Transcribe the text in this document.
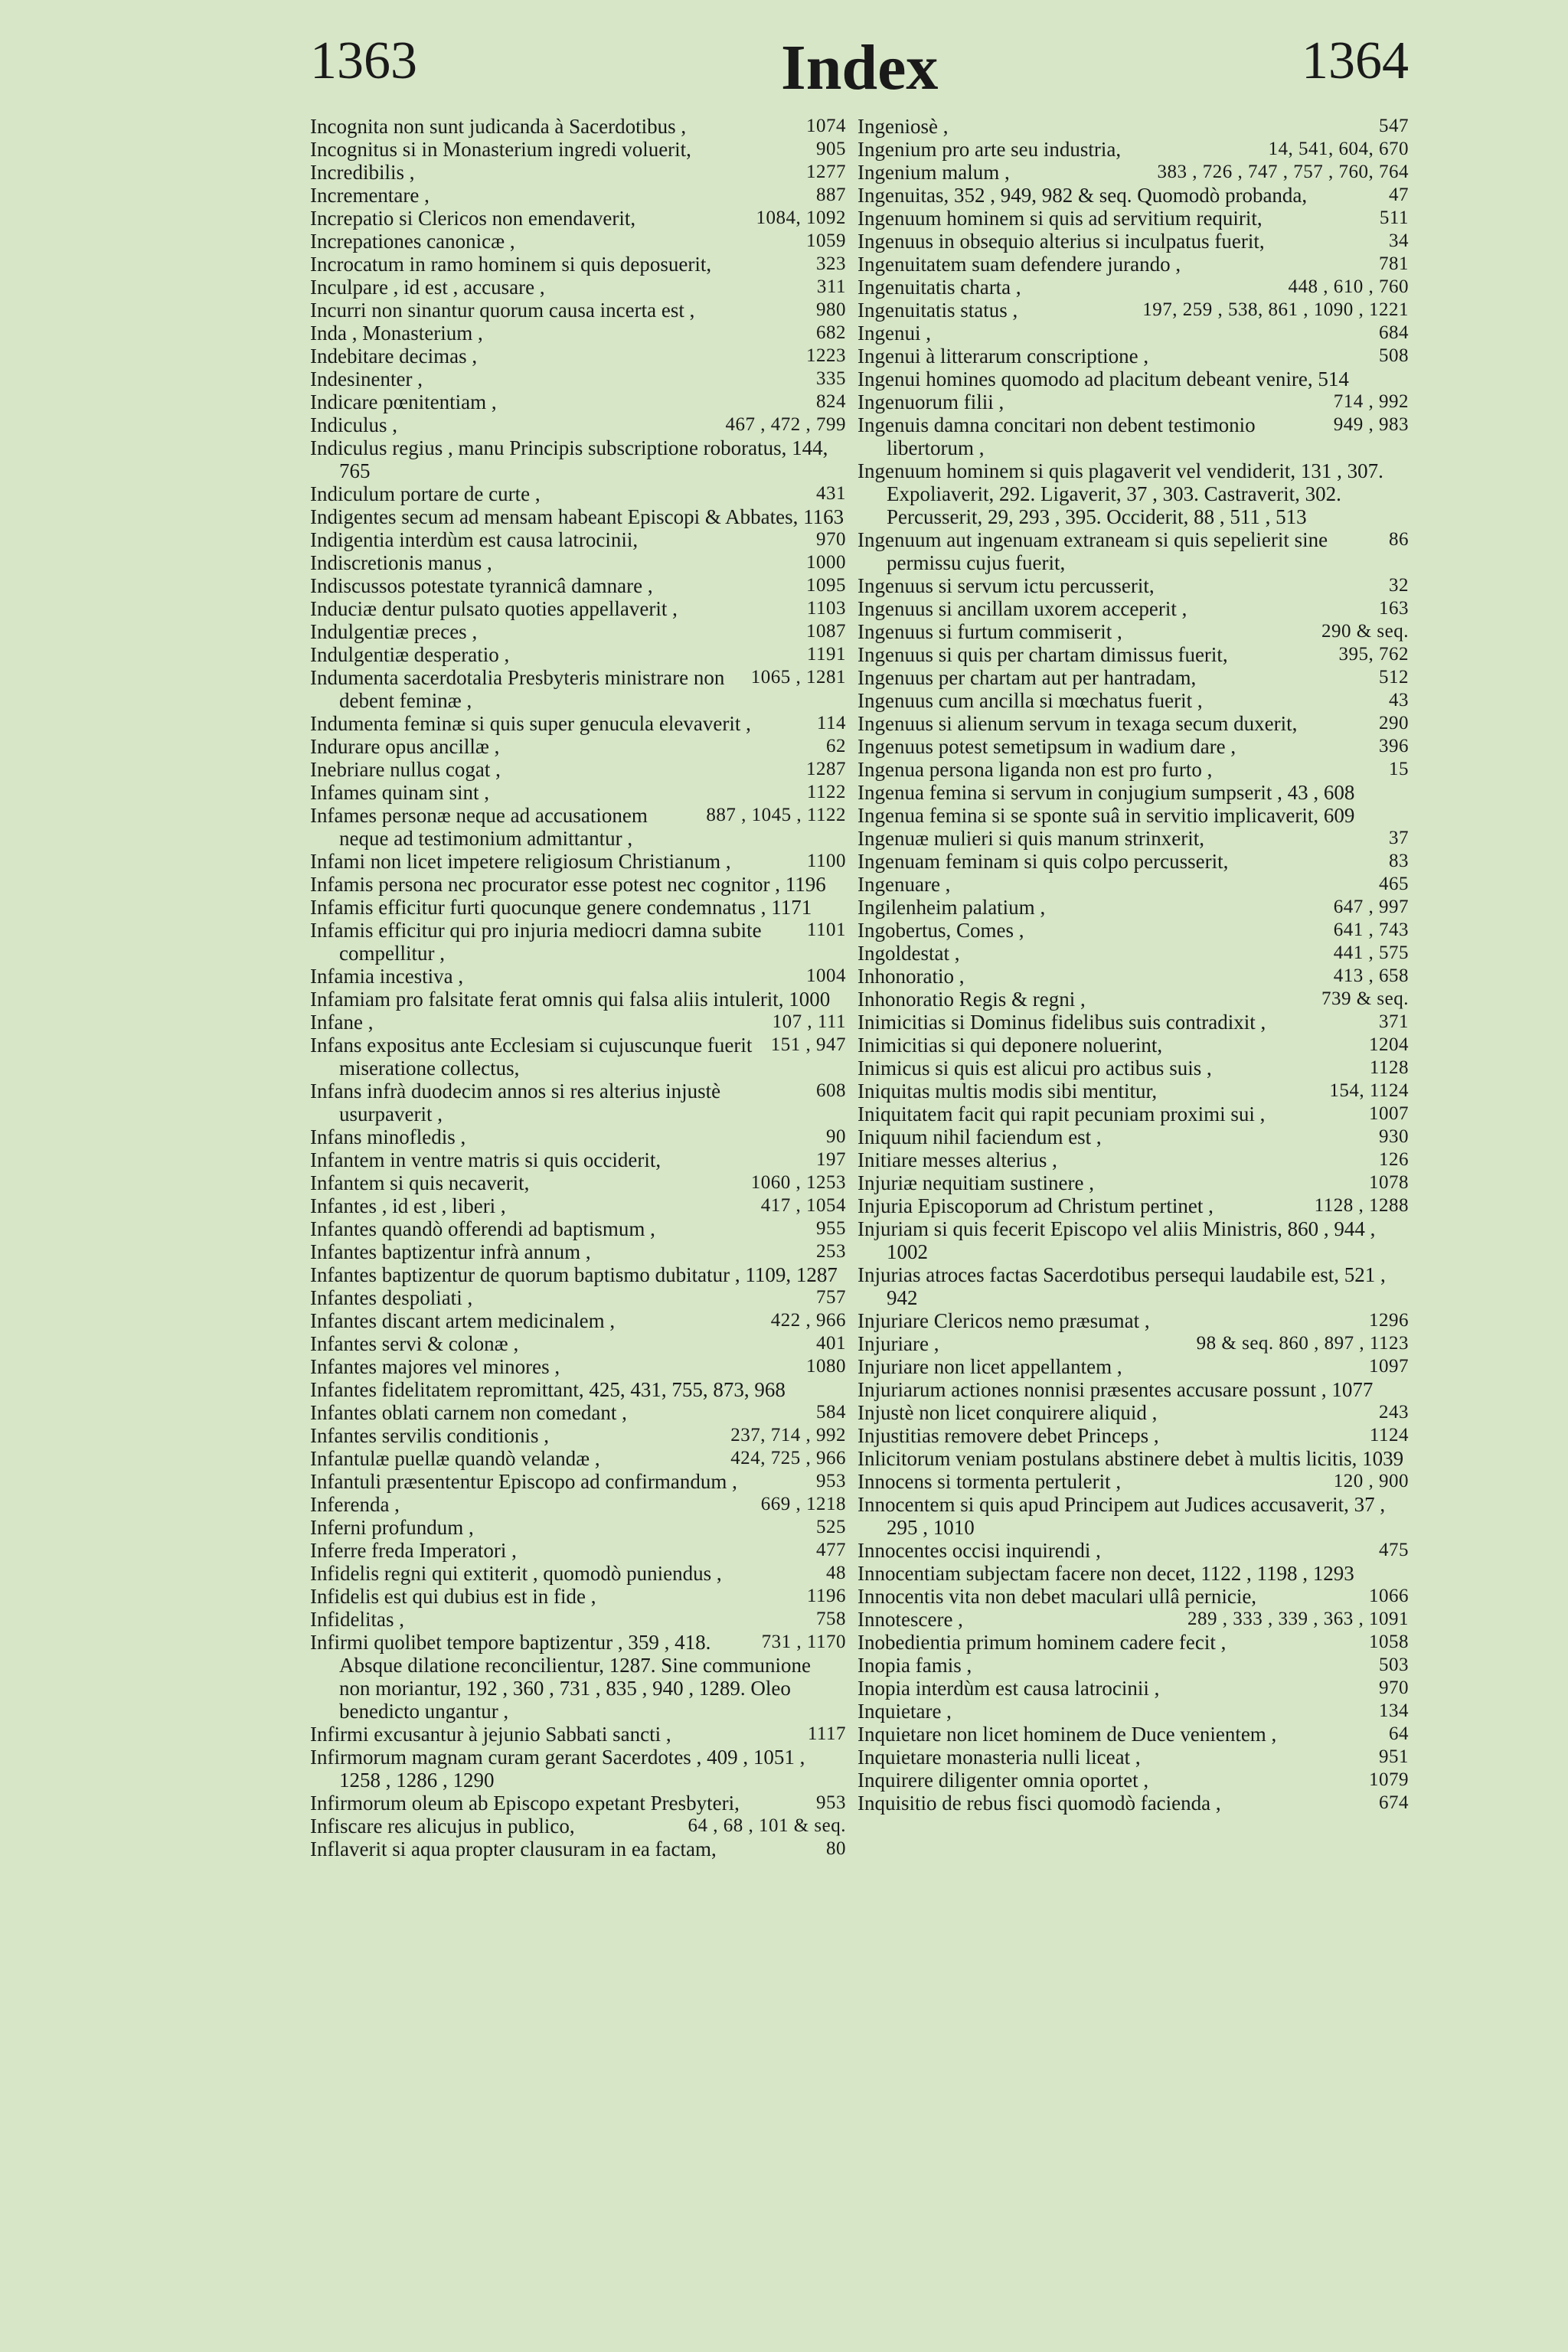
1363	Index	1364
1074
Incognita non sunt judicanda à Sacerdotibus ,
905
Incognitus si in Monasterium ingredi voluerit,
1277
Incredibilis ,
887
Incrementare ,
1084, 1092
Increpatio si Clericos non emendaverit,
1059
Increpationes canonicæ ,
323
Incrocatum in ramo hominem si quis deposuerit,
311
Inculpare , id est , accusare ,
980
Incurri non sinantur quorum causa incerta est ,
682
Inda , Monasterium ,
1223
Indebitare decimas ,
335
Indesinenter ,
824
Indicare pœnitentiam ,
467 , 472 , 799
Indiculus ,
Indiculus regius , manu Principis subscriptione roboratus, 144, 765
431
Indiculum portare de curte ,
Indigentes secum ad mensam habeant Episcopi & Abbates, 1163
970
Indigentia interdùm est causa latrocinii,
1000
Indiscretionis manus ,
1095
Indiscussos potestate tyrannicâ damnare ,
1103
Induciæ dentur pulsato quoties appellaverit ,
1087
Indulgentiæ preces ,
1191
Indulgentiæ desperatio ,
1065 , 1281
Indumenta sacerdotalia Presbyteris ministrare non debent feminæ ,
114
Indumenta feminæ si quis super genucula elevaverit ,
62
Indurare opus ancillæ ,
1287
Inebriare nullus cogat ,
1122
Infames quinam sint ,
887 , 1045 , 1122
Infames personæ neque ad accusationem neque ad testimonium admittantur ,
1100
Infami non licet impetere religiosum Christianum ,
Infamis persona nec procurator esse potest nec cognitor , 1196
Infamis efficitur furti quocunque genere condemnatus , 1171
1101
Infamis efficitur qui pro injuria mediocri damna subite compellitur ,
1004
Infamia incestiva ,
Infamiam pro falsitate ferat omnis qui falsa aliis intulerit, 1000
107 , 111
Infane ,
151 , 947
Infans expositus ante Ecclesiam si cujuscunque fuerit miseratione collectus,
608
Infans infrà duodecim annos si res alterius injustè usurpaverit ,
90
Infans minofledis ,
197
Infantem in ventre matris si quis occiderit,
1060 , 1253
Infantem si quis necaverit,
417 , 1054
Infantes , id est , liberi ,
955
Infantes quandò offerendi ad baptismum ,
253
Infantes baptizentur infrà annum ,
Infantes baptizentur de quorum baptismo dubitatur , 1109, 1287
757
Infantes despoliati ,
422 , 966
Infantes discant artem medicinalem ,
401
Infantes servi & colonæ ,
1080
Infantes majores vel minores ,
Infantes fidelitatem repromittant, 425, 431, 755, 873, 968
584
Infantes oblati carnem non comedant ,
237, 714 , 992
Infantes servilis conditionis ,
424, 725 , 966
Infantulæ puellæ quandò velandæ ,
953
Infantuli præsententur Episcopo ad confirmandum ,
669 , 1218
Inferenda ,
525
Inferni profundum ,
477
Inferre freda Imperatori ,
48
Infidelis regni qui extiterit , quomodò puniendus ,
1196
Infidelis est qui dubius est in fide ,
758
Infidelitas ,
731 , 1170
Infirmi quolibet tempore baptizentur , 359 , 418. Absque dilatione reconcilientur, 1287. Sine communione non moriantur, 192 , 360 , 731 , 835 , 940 , 1289. Oleo benedicto ungantur ,
1117
Infirmi excusantur à jejunio Sabbati sancti ,
Infirmorum magnam curam gerant Sacerdotes , 409 , 1051 , 1258 , 1286 , 1290
953
Infirmorum oleum ab Episcopo expetant Presbyteri,
64 , 68 , 101 & seq.
Infiscare res alicujus in publico,
80
Inflaverit si aqua propter clausuram in ea factam,
547
Ingeniosè ,
14, 541, 604, 670
Ingenium pro arte seu industria,
383 , 726 , 747 , 757 , 760, 764
Ingenium malum ,
47
Ingenuitas, 352 , 949, 982 & seq. Quomodò probanda,
511
Ingenuum hominem si quis ad servitium requirit,
34
Ingenuus in obsequio alterius si inculpatus fuerit,
781
Ingenuitatem suam defendere jurando ,
448 , 610 , 760
Ingenuitatis charta ,
197, 259 , 538, 861 , 1090 , 1221
Ingenuitatis status ,
684
Ingenui ,
508
Ingenui à litterarum conscriptione ,
Ingenui homines quomodo ad placitum debeant venire, 514
714 , 992
Ingenuorum filii ,
949 , 983
Ingenuis damna concitari non debent testimonio libertorum ,
Ingenuum hominem si quis plagaverit vel vendiderit, 131 , 307. Expoliaverit, 292. Ligaverit, 37 , 303. Castraverit, 302. Percusserit, 29, 293 , 395. Occiderit, 88 , 511 , 513
86
Ingenuum aut ingenuam extraneam si quis sepelierit sine permissu cujus fuerit,
32
Ingenuus si servum ictu percusserit,
163
Ingenuus si ancillam uxorem acceperit ,
290 & seq.
Ingenuus si furtum commiserit ,
395, 762
Ingenuus si quis per chartam dimissus fuerit,
512
Ingenuus per chartam aut per hantradam,
43
Ingenuus cum ancilla si mœchatus fuerit ,
290
Ingenuus si alienum servum in texaga secum duxerit,
396
Ingenuus potest semetipsum in wadium dare ,
15
Ingenua persona liganda non est pro furto ,
Ingenua femina si servum in conjugium sumpserit , 43 , 608
Ingenua femina si se sponte suâ in servitio implicaverit, 609
37
Ingenuæ mulieri si quis manum strinxerit,
83
Ingenuam feminam si quis colpo percusserit,
465
Ingenuare ,
647 , 997
Ingilenheim palatium ,
641 , 743
Ingobertus, Comes ,
441 , 575
Ingoldestat ,
413 , 658
Inhonoratio ,
739 & seq.
Inhonoratio Regis & regni ,
371
Inimicitias si Dominus fidelibus suis contradixit ,
1204
Inimicitias si qui deponere noluerint,
1128
Inimicus si quis est alicui pro actibus suis ,
154, 1124
Iniquitas multis modis sibi mentitur,
1007
Iniquitatem facit qui rapit pecuniam proximi sui ,
930
Iniquum nihil faciendum est ,
126
Initiare messes alterius ,
1078
Injuriæ nequitiam sustinere ,
1128 , 1288
Injuria Episcoporum ad Christum pertinet ,
Injuriam si quis fecerit Episcopo vel aliis Ministris, 860 , 944 , 1002
Injurias atroces factas Sacerdotibus persequi laudabile est, 521 , 942
1296
Injuriare Clericos nemo præsumat ,
98 & seq. 860 , 897 , 1123
Injuriare ,
1097
Injuriare non licet appellantem ,
Injuriarum actiones nonnisi præsentes accusare possunt , 1077
243
Injustè non licet conquirere aliquid ,
1124
Injustitias removere debet Princeps ,
Inlicitorum veniam postulans abstinere debet à multis licitis, 1039
120 , 900
Innocens si tormenta pertulerit ,
Innocentem si quis apud Principem aut Judices accusaverit, 37 , 295 , 1010
475
Innocentes occisi inquirendi ,
Innocentiam subjectam facere non decet, 1122 , 1198 , 1293
1066
Innocentis vita non debet maculari ullâ pernicie,
289 , 333 , 339 , 363 , 1091
Innotescere ,
1058
Inobedientia primum hominem cadere fecit ,
503
Inopia famis ,
970
Inopia interdùm est causa latrocinii ,
134
Inquietare ,
64
Inquietare non licet hominem de Duce venientem ,
951
Inquietare monasteria nulli liceat ,
1079
Inquirere diligenter omnia oportet ,
674
Inquisitio de rebus fisci quomodò facienda ,
